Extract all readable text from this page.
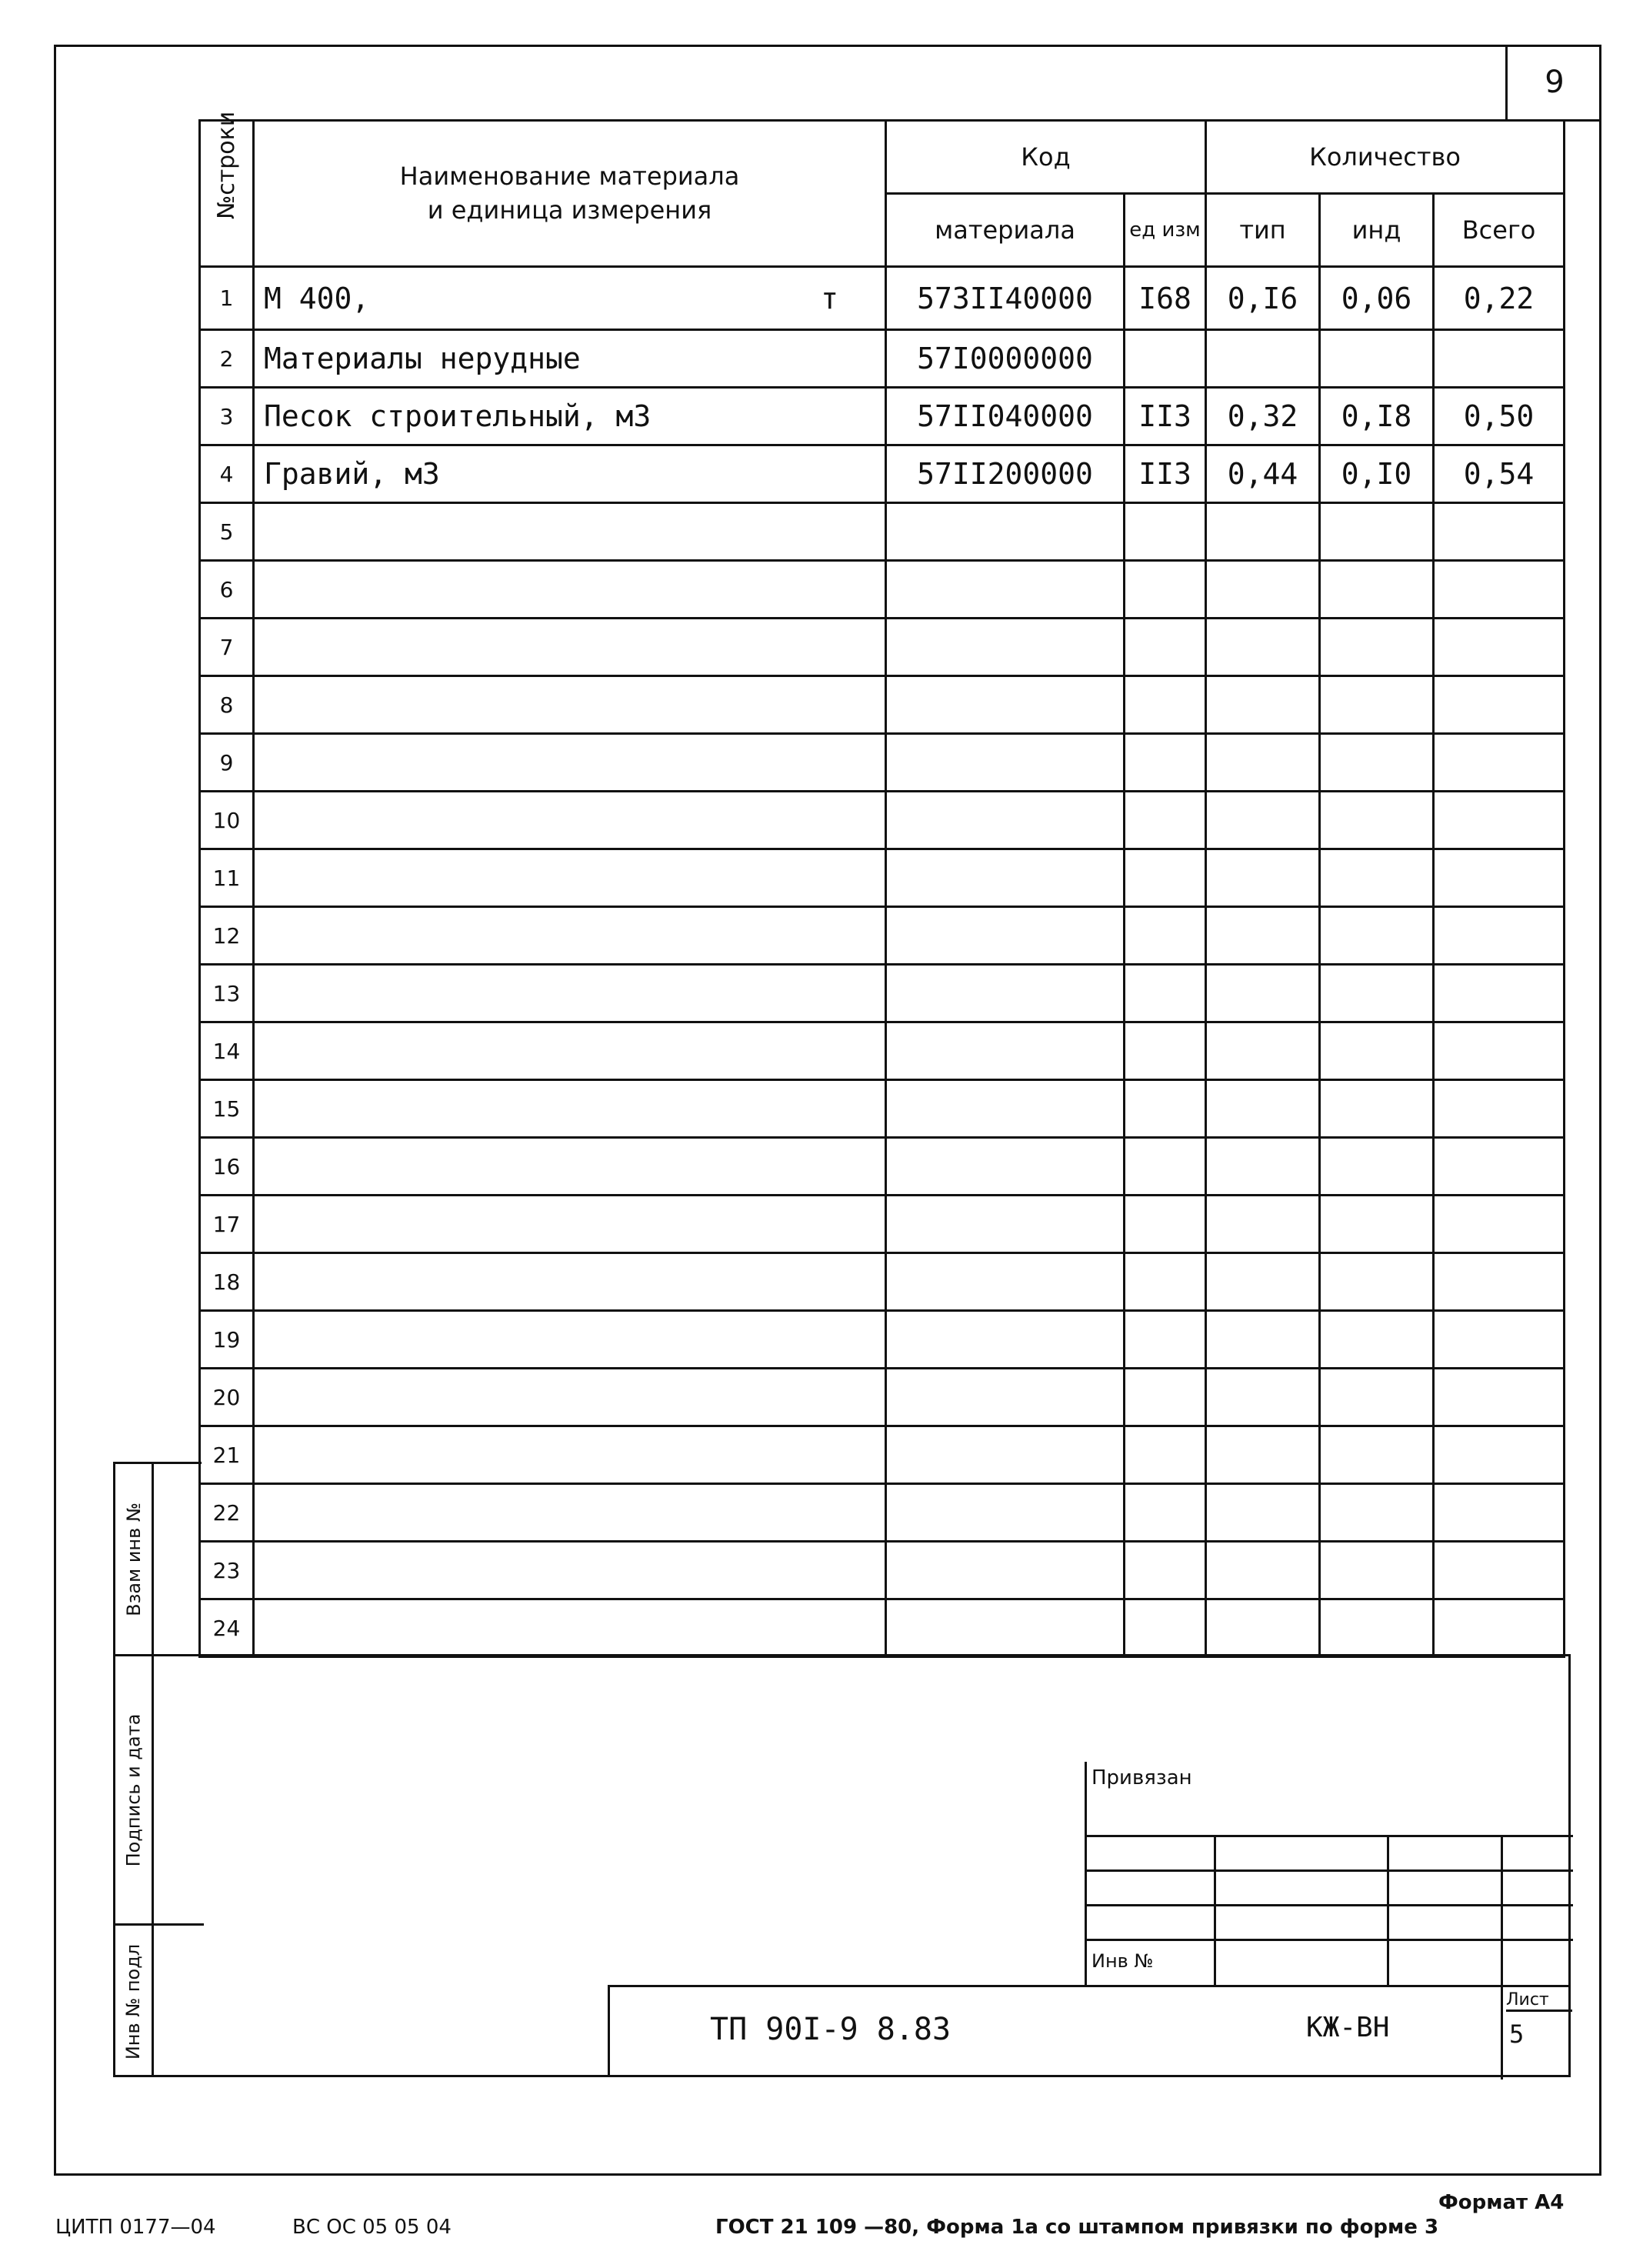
9
№строки	Наименование материала
и единица измерения	Код		Количество		
		материала	ед изм	тип	инд	Всего
1	М 400, т	573II40000	I68	0,I6	0,06	0,22
2	Материалы нерудные	57I0000000				
3	Песок строительный, м3	57II040000	II3	0,32	0,I8	0,50
4	Гравий, м3	57II200000	II3	0,44	0,I0	0,54
5						
6						
7						
8						
9						
10						
11						
12						
13						
14						
15						
16						
17						
18						
19						
20						
21						
22						
23						
24						
Взам инв №
Подпись и дата
Инв № подл
Привязан
Инв №
ТП 90I-9 8.83	КЖ-ВН
Лист
5
Формат А4
ЦИТП 0177—04	ВС ОС 05 05 04	ГОСТ 21 109 —80, Форма 1а со штампом привязки по форме 3
